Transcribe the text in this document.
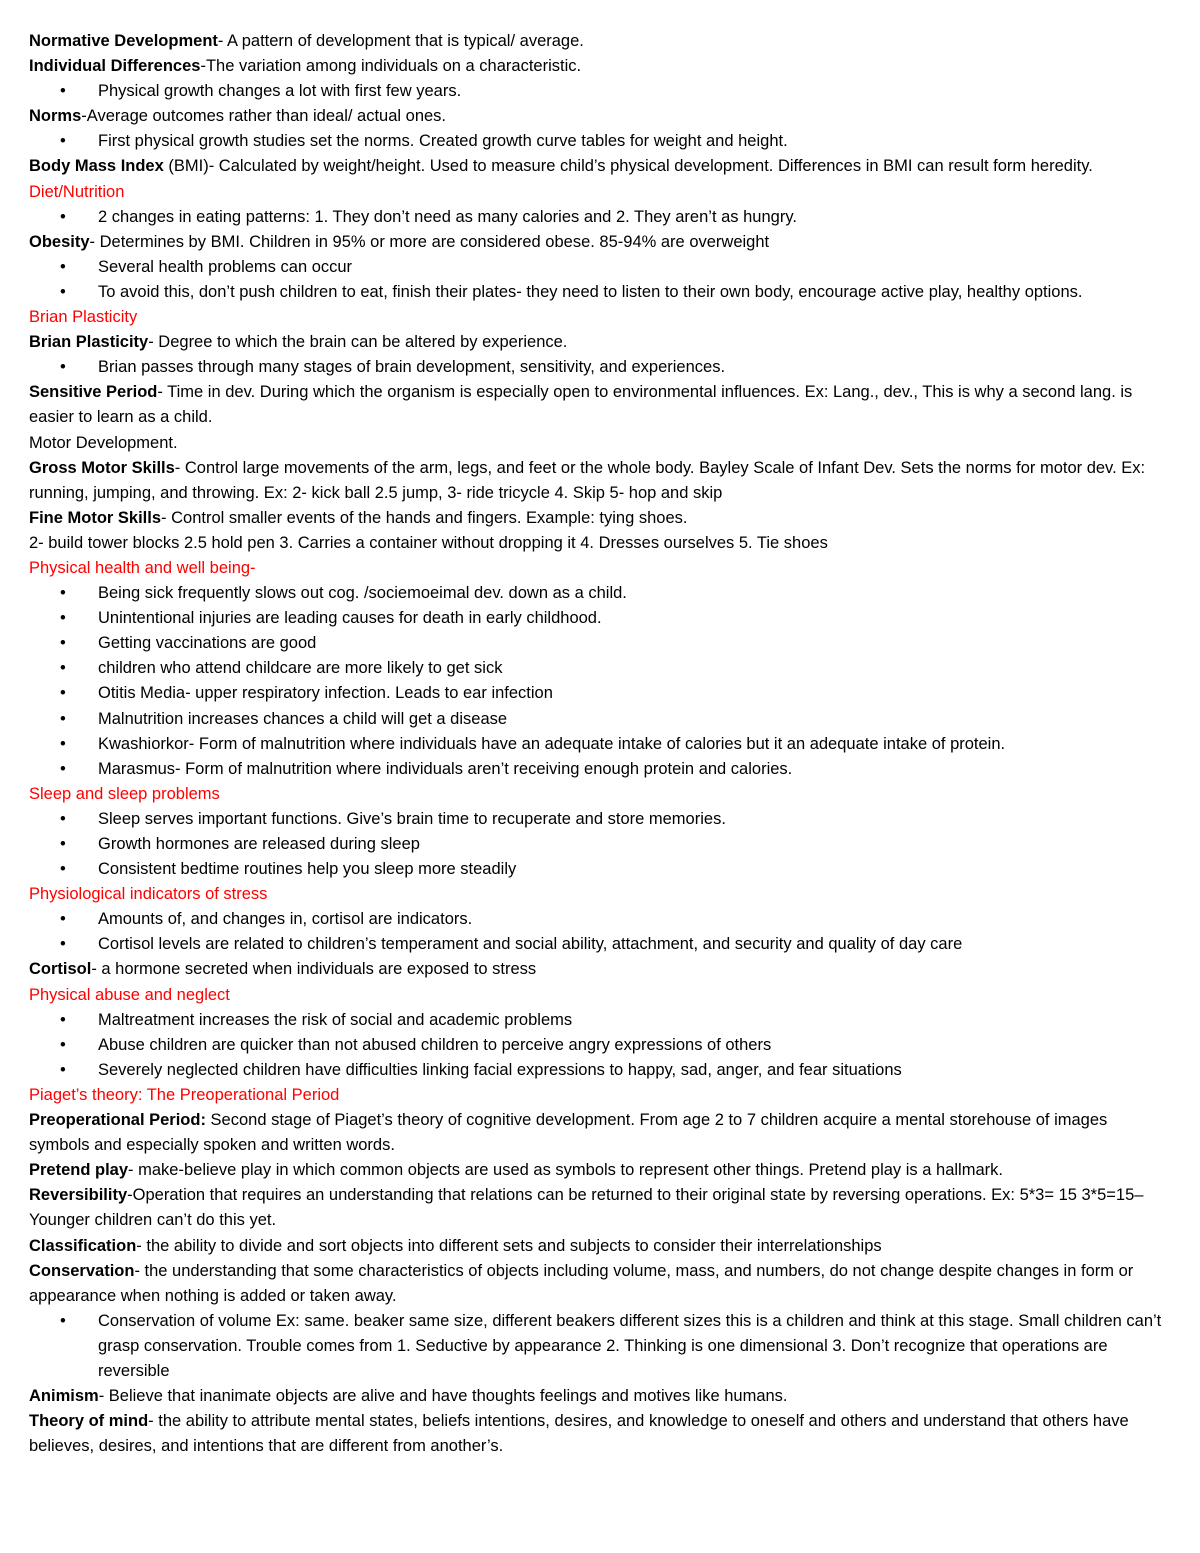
Normative Development- A pattern of development that is typical/ average.

Individual Differences-The variation among individuals on a characteristic.

• Physical growth changes a lot with first few years.

Norms-Average outcomes rather than ideal/ actual ones.

• First physical growth studies set the norms. Created growth curve tables for weight and height.

Body Mass Index (BMI)- Calculated by weight/height. Used to measure child’s physical development. Differences in BMI can result form heredity.

Diet/Nutrition

• 2 changes in eating patterns: 1. They don’t need as many calories and 2. They aren’t as hungry.

Obesity- Determines by BMI. Children in 95% or more are considered obese. 85-94% are overweight

• Several health problems can occur
• To avoid this, don’t push children to eat, finish their plates- they need to listen to their own body, encourage active play, healthy options.

Brian Plasticity

Brian Plasticity- Degree to which the brain can be altered by experience.

• Brian passes through many stages of brain development, sensitivity, and experiences.

Sensitive Period- Time in dev. During which the organism is especially open to environmental influences. Ex: Lang., dev., This is why a second lang. is easier to learn as a child.

Motor Development.

Gross Motor Skills- Control large movements of the arm, legs, and feet or the whole body. Bayley Scale of Infant Dev. Sets the norms for motor dev. Ex: running, jumping, and throwing. Ex: 2- kick ball 2.5 jump, 3- ride tricycle 4. Skip 5- hop and skip

Fine Motor Skills- Control smaller events of the hands and fingers. Example: tying shoes.

2- build tower blocks 2.5 hold pen 3. Carries a container without dropping it 4. Dresses ourselves 5. Tie shoes

Physical health and well being-

• Being sick frequently slows out cog. /sociemoeimal dev. down as a child.
• Unintentional injuries are leading causes for death in early childhood.
• Getting vaccinations are good
• children who attend childcare are more likely to get sick
• Otitis Media- upper respiratory infection. Leads to ear infection
• Malnutrition increases chances a child will get a disease
• Kwashiorkor- Form of malnutrition where individuals have an adequate intake of calories but it an adequate intake of protein.
• Marasmus- Form of malnutrition where individuals aren’t receiving enough protein and calories.

Sleep and sleep problems

• Sleep serves important functions. Give’s brain time to recuperate and store memories.
• Growth hormones are released during sleep
• Consistent bedtime routines help you sleep more steadily

Physiological indicators of stress

• Amounts of, and changes in, cortisol are indicators.
• Cortisol levels are related to children’s temperament and social ability, attachment, and security and quality of day care

Cortisol- a hormone secreted when individuals are exposed to stress

Physical abuse and neglect

• Maltreatment increases the risk of social and academic problems
• Abuse children are quicker than not abused children to perceive angry expressions of others
• Severely neglected children have difficulties linking facial expressions to happy, sad, anger, and fear situations

Piaget’s theory: The Preoperational Period

Preoperational Period: Second stage of Piaget’s theory of cognitive development. From age 2 to 7 children acquire a mental storehouse of images symbols and especially spoken and written words.

Pretend play- make-believe play in which common objects are used as symbols to represent other things. Pretend play is a hallmark.

Reversibility-Operation that requires an understanding that relations can be returned to their original state by reversing operations. Ex: 5*3= 15 3*5=15– Younger children can’t do this yet.

Classification- the ability to divide and sort objects into different sets and subjects to consider their interrelationships

Conservation- the understanding that some characteristics of objects including volume, mass, and numbers, do not change despite changes in form or appearance when nothing is added or taken away.

• Conservation of volume Ex: same. beaker same size, different beakers different sizes this is a children and think at this stage. Small children can’t grasp conservation. Trouble comes from 1. Seductive by appearance 2. Thinking is one dimensional 3. Don’t recognize that operations are reversible

Animism- Believe that inanimate objects are alive and have thoughts feelings and motives like humans.

Theory of mind- the ability to attribute mental states, beliefs intentions, desires, and knowledge to oneself and others and understand that others have believes, desires, and intentions that are different from another’s.
